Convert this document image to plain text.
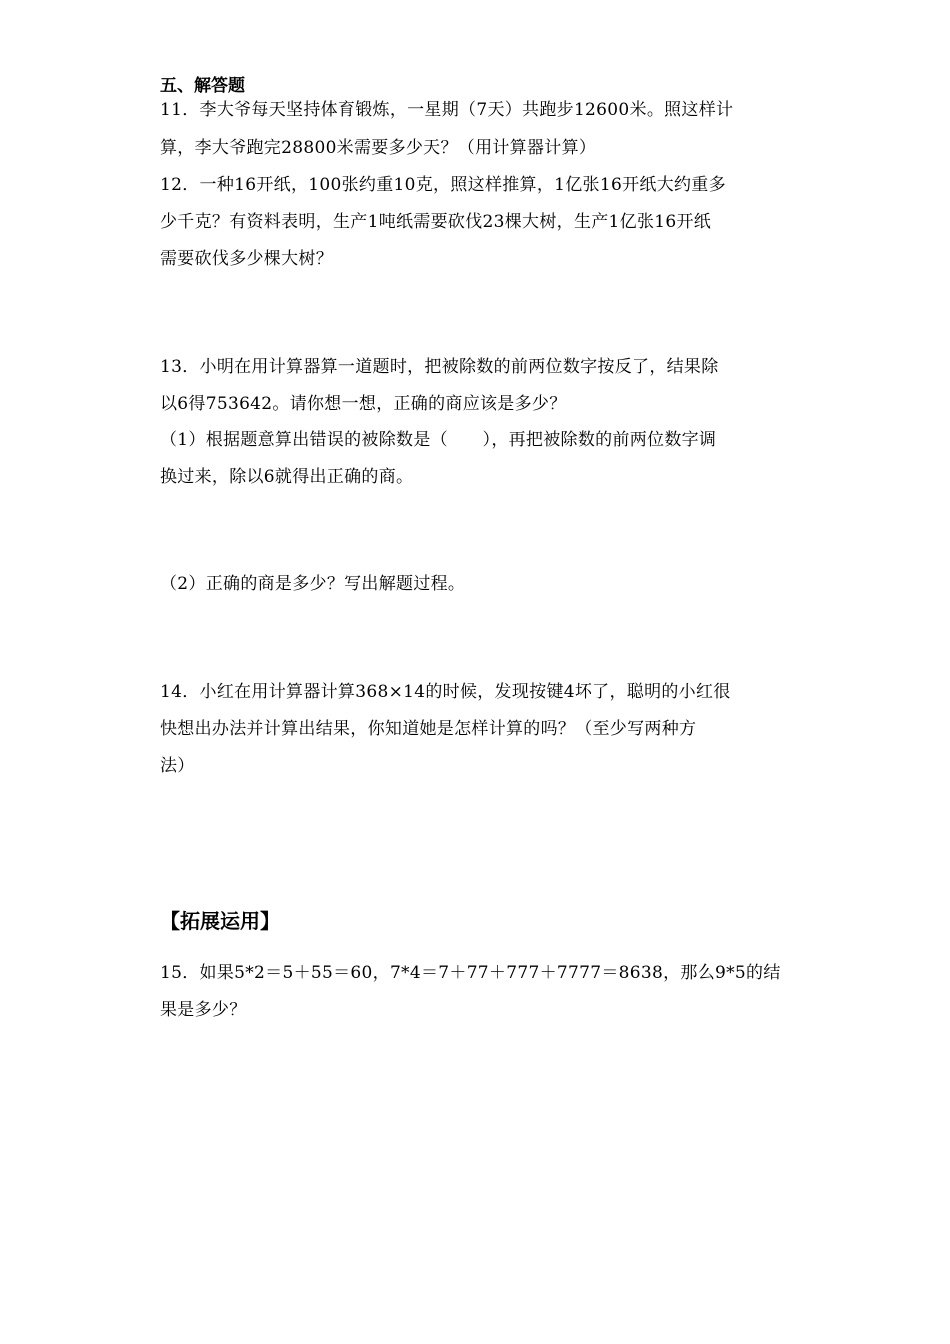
五、解答题
11．李大爷每天坚持体育锻炼，一星期（7天）共跑步12600米。照这样计
算，李大爷跑完28800米需要多少天？（用计算器计算）
12．一种16开纸，100张约重10克，照这样推算，1亿张16开纸大约重多
少千克？有资料表明，生产1吨纸需要砍伐23棵大树，生产1亿张16开纸
需要砍伐多少棵大树？
13．小明在用计算器算一道题时，把被除数的前两位数字按反了，结果除
以6得753642。请你想一想，正确的商应该是多少？
（1）根据题意算出错误的被除数是（　　），再把被除数的前两位数字调
换过来，除以6就得出正确的商。
（2）正确的商是多少？写出解题过程。
14．小红在用计算器计算368×14的时候，发现按键4坏了，聪明的小红很
快想出办法并计算出结果，你知道她是怎样计算的吗？（至少写两种方
法）
【拓展运用】
15．如果5*2＝5＋55＝60，7*4＝7＋77＋777＋7777＝8638，那么9*5的结
果是多少？
